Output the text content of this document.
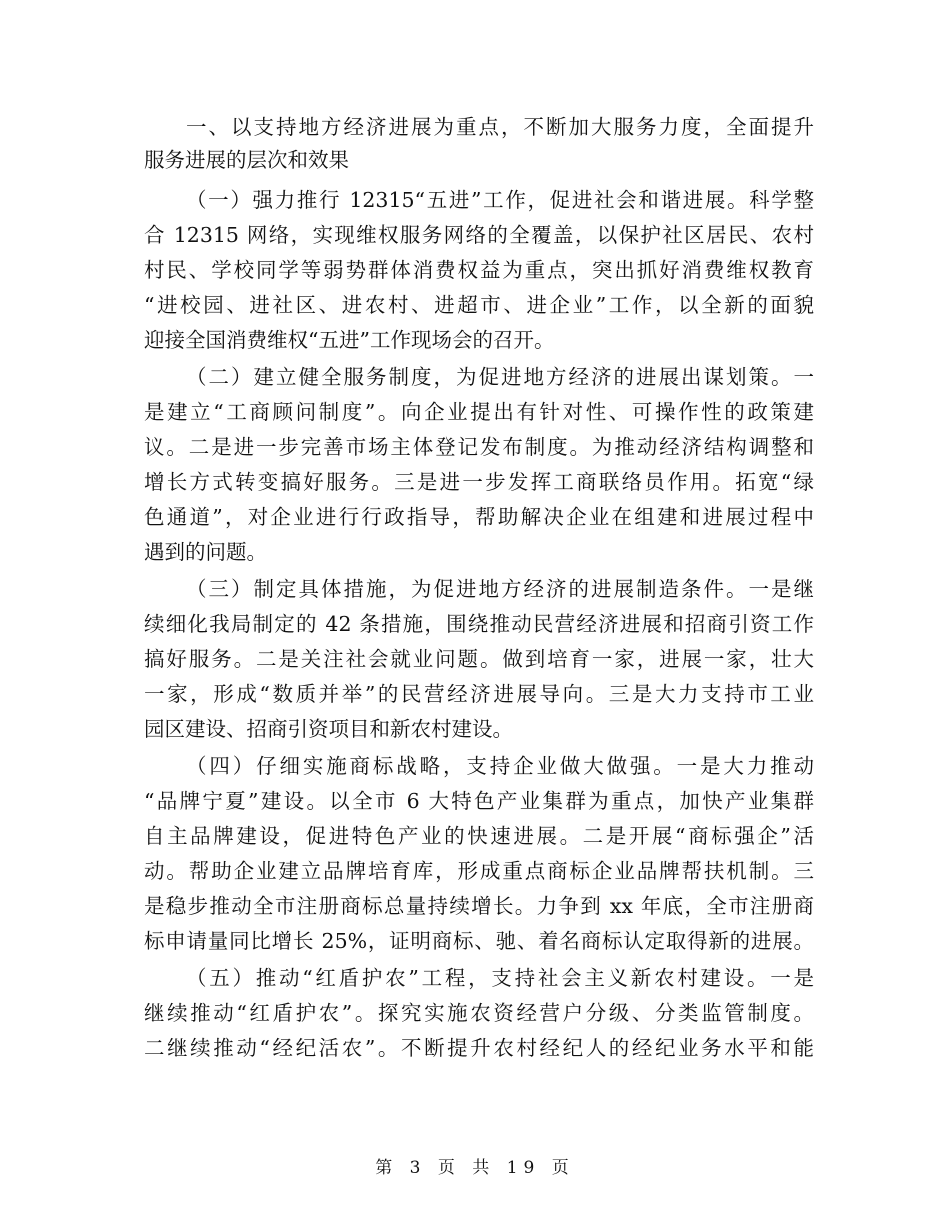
一、以支持地方经济进展为重点，不断加大服务力度，全面提升
服务进展的层次和效果
（一）强力推行 12315“五进”工作，促进社会和谐进展。科学整
合 12315 网络，实现维权服务网络的全覆盖，以保护社区居民、农村
村民、学校同学等弱势群体消费权益为重点，突出抓好消费维权教育
“进校园、进社区、进农村、进超市、进企业”工作，以全新的面貌
迎接全国消费维权“五进”工作现场会的召开。
（二）建立健全服务制度，为促进地方经济的进展出谋划策。一
是建立“工商顾问制度”。向企业提出有针对性、可操作性的政策建
议。二是进一步完善市场主体登记发布制度。为推动经济结构调整和
增长方式转变搞好服务。三是进一步发挥工商联络员作用。拓宽“绿
色通道”，对企业进行行政指导，帮助解决企业在组建和进展过程中
遇到的问题。
（三）制定具体措施，为促进地方经济的进展制造条件。一是继
续细化我局制定的 42 条措施，围绕推动民营经济进展和招商引资工作
搞好服务。二是关注社会就业问题。做到培育一家，进展一家，壮大
一家，形成“数质并举”的民营经济进展导向。三是大力支持市工业
园区建设、招商引资项目和新农村建设。
（四）仔细实施商标战略，支持企业做大做强。一是大力推动
“品牌宁夏”建设。以全市 6 大特色产业集群为重点，加快产业集群
自主品牌建设，促进特色产业的快速进展。二是开展“商标强企”活
动。帮助企业建立品牌培育库，形成重点商标企业品牌帮扶机制。三
是稳步推动全市注册商标总量持续增长。力争到 xx 年底，全市注册商
标申请量同比增长 25%，证明商标、驰、着名商标认定取得新的进展。
（五）推动“红盾护农”工程，支持社会主义新农村建设。一是
继续推动“红盾护农”。探究实施农资经营户分级、分类监管制度。
二继续推动“经纪活农”。不断提升农村经纪人的经纪业务水平和能
第 3 页 共 19 页
